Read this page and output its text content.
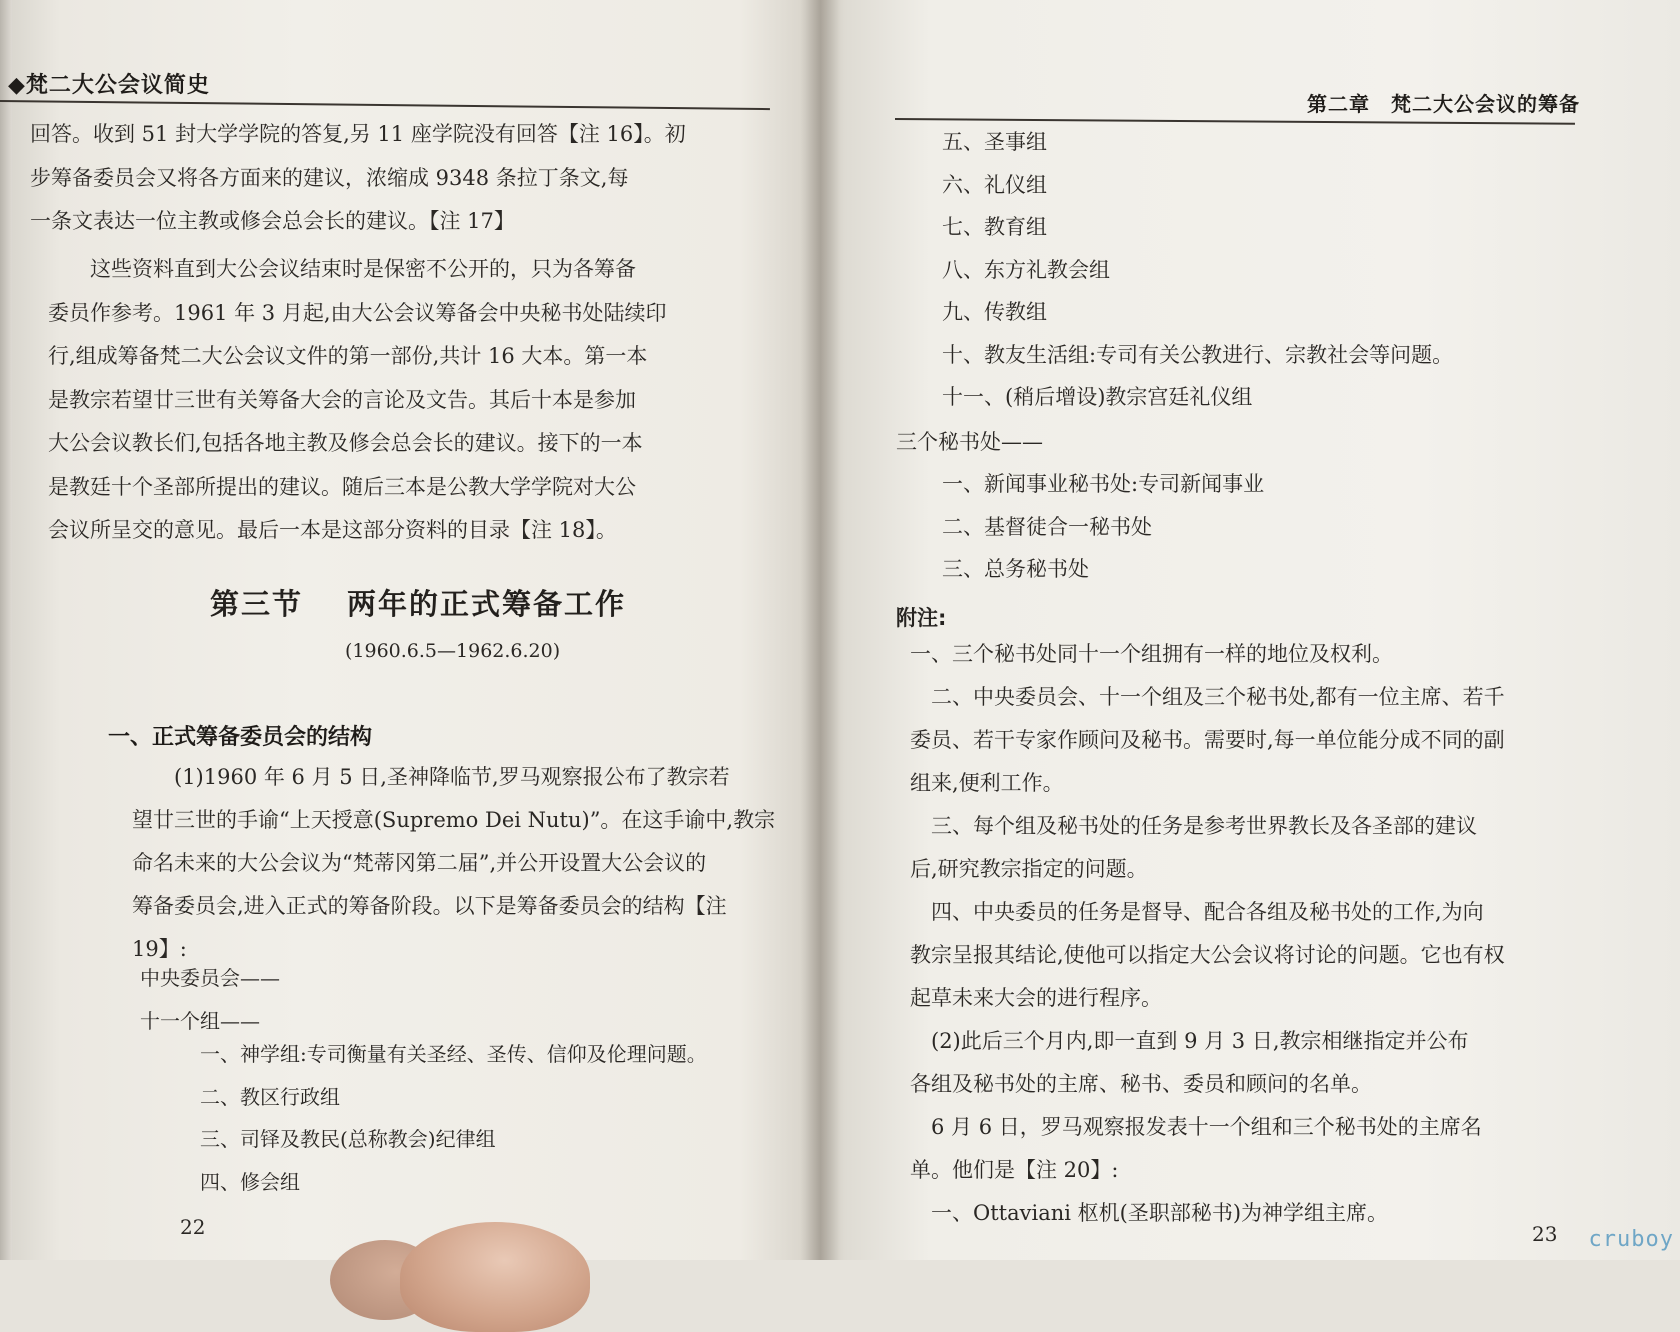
◆梵二大公会议简史
回答。收到 51 封大学学院的答复,另 11 座学院没有回答【注 16】。初
步筹备委员会又将各方面来的建议，浓缩成 9348 条拉丁条文,每
一条文表达一位主教或修会总会长的建议。【注 17】
　　这些资料直到大公会议结束时是保密不公开的，只为各筹备
委员作参考。1961 年 3 月起,由大公会议筹备会中央秘书处陆续印
行,组成筹备梵二大公会议文件的第一部份,共计 16 大本。第一本
是教宗若望廿三世有关筹备大会的言论及文告。其后十本是参加
大公会议教长们,包括各地主教及修会总会长的建议。接下的一本
是教廷十个圣部所提出的建议。随后三本是公教大学学院对大公
会议所呈交的意见。最后一本是这部分资料的目录【注 18】。
第三节 两年的正式筹备工作
(1960.6.5—1962.6.20)
一、正式筹备委员会的结构
　　(1)1960 年 6 月 5 日,圣神降临节,罗马观察报公布了教宗若
望廿三世的手谕“上天授意(Supremo Dei Nutu)”。在这手谕中,教宗
命名未来的大公会议为“梵蒂冈第二届”,并公开设置大公会议的
筹备委员会,进入正式的筹备阶段。以下是筹备委员会的结构【注
19】:
中央委员会——
十一个组——
一、神学组:专司衡量有关圣经、圣传、信仰及伦理问题。
二、教区行政组
三、司铎及教民(总称教会)纪律组
四、修会组
22
第二章　梵二大公会议的筹备
五、圣事组
六、礼仪组
七、教育组
八、东方礼教会组
九、传教组
十、教友生活组:专司有关公教进行、宗教社会等问题。
十一、(稍后增设)教宗宫廷礼仪组
三个秘书处——
一、新闻事业秘书处:专司新闻事业
二、基督徒合一秘书处
三、总务秘书处
附注:
一、三个秘书处同十一个组拥有一样的地位及权利。
　二、中央委员会、十一个组及三个秘书处,都有一位主席、若千
委员、若干专家作顾问及秘书。需要时,每一单位能分成不同的副
组来,便利工作。
　三、每个组及秘书处的任务是参考世界教长及各圣部的建议
后,研究教宗指定的问题。
　四、中央委员的任务是督导、配合各组及秘书处的工作,为向
教宗呈报其结论,使他可以指定大公会议将讨论的问题。它也有权
起草未来大会的进行程序。
　(2)此后三个月内,即一直到 9 月 3 日,教宗相继指定并公布
各组及秘书处的主席、秘书、委员和顾问的名单。
　6 月 6 日，罗马观察报发表十一个组和三个秘书处的主席名
单。他们是【注 20】:
　一、Ottaviani 枢机(圣职部秘书)为神学组主席。
23 cruboy
